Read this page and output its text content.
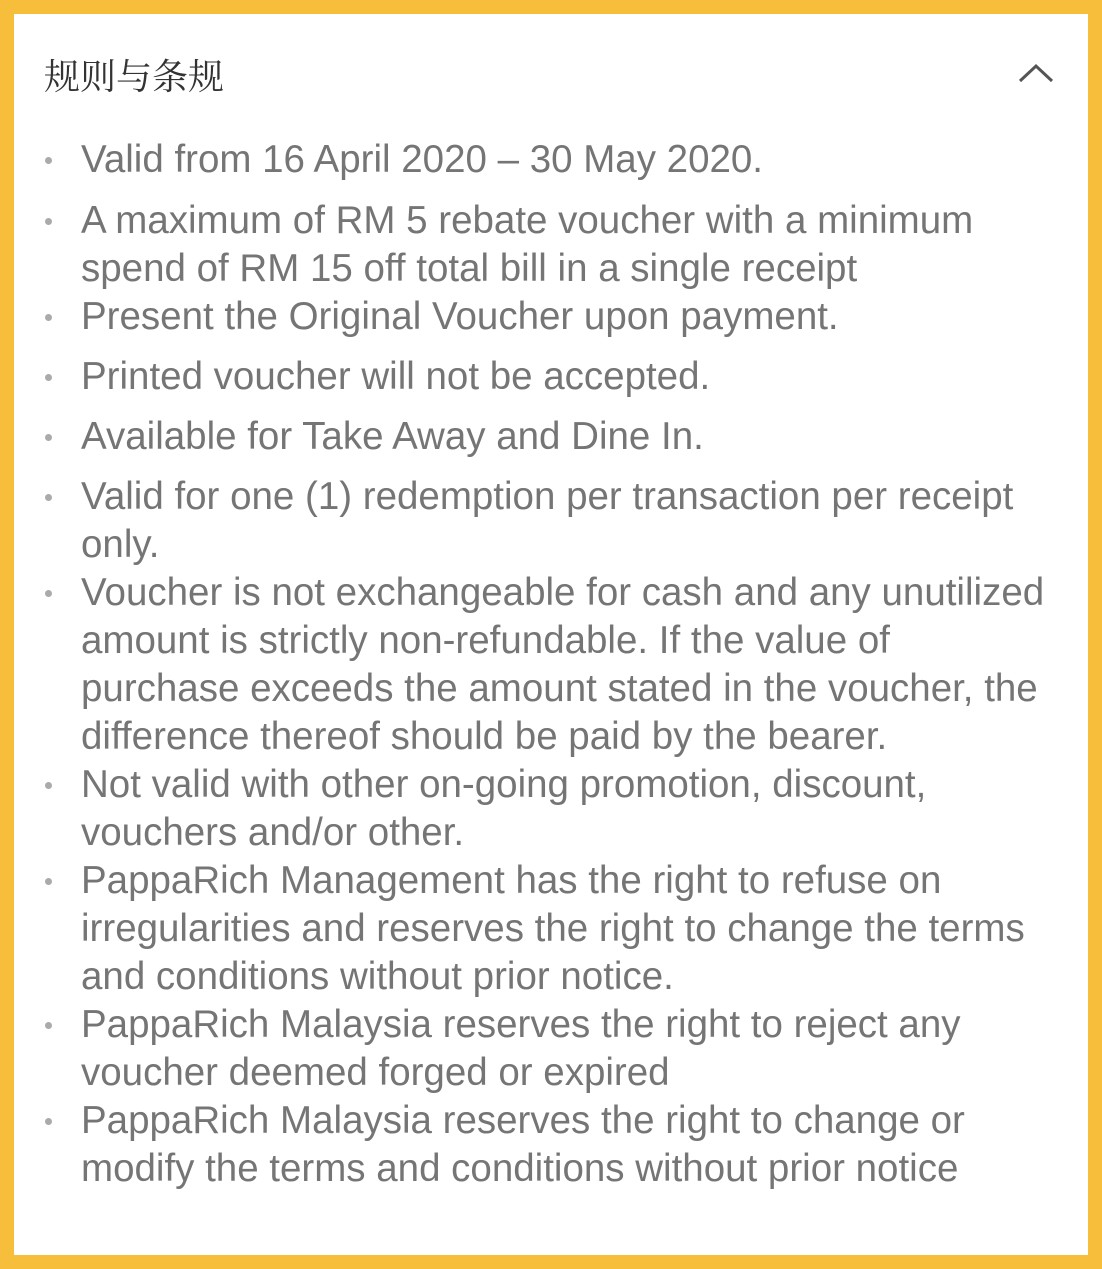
规则与条规
Valid from 16 April 2020 – 30 May 2020.
A maximum of RM 5 rebate voucher with a minimum spend of RM 15 off total bill in a single receipt
Present the Original Voucher upon payment.
Printed voucher will not be accepted.
Available for Take Away and Dine In.
Valid for one (1) redemption per transaction per receipt only.
Voucher is not exchangeable for cash and any unutilized amount is strictly non-refundable. If the value of purchase exceeds the amount stated in the voucher, the difference thereof should be paid by the bearer.
Not valid with other on-going promotion, discount, vouchers and/or other.
PappaRich Management has the right to refuse on irregularities and reserves the right to change the terms and conditions without prior notice.
PappaRich Malaysia reserves the right to reject any voucher deemed forged or expired
PappaRich Malaysia reserves the right to change or modify the terms and conditions without prior notice
